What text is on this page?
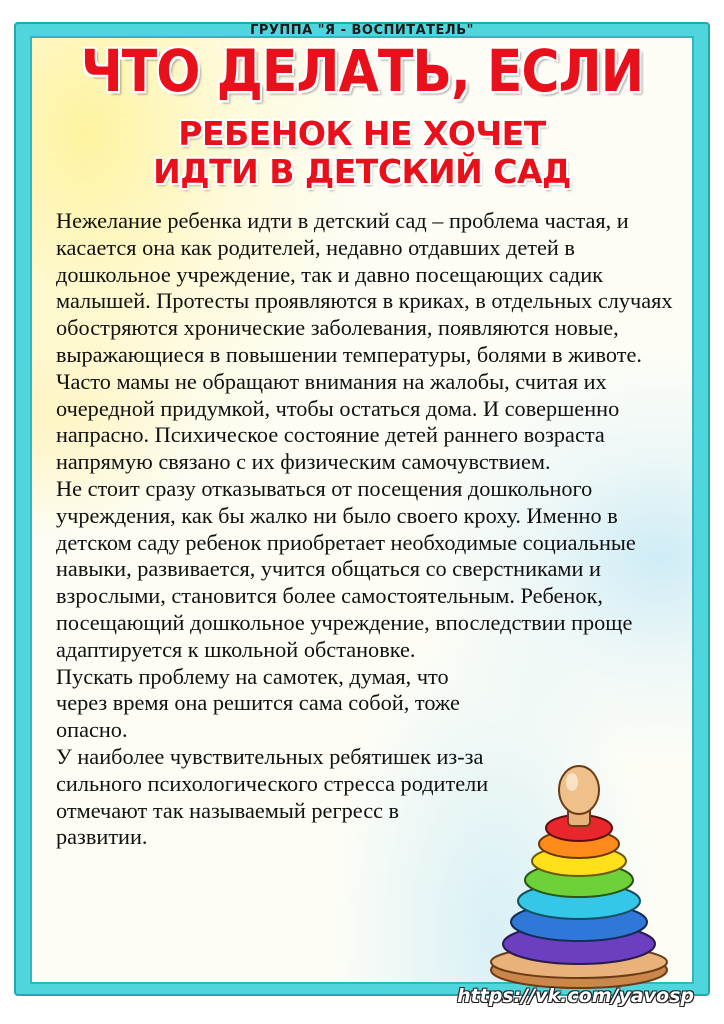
ГРУППА "Я - ВОСПИТАТЕЛЬ"
ЧТО ДЕЛАТЬ, ЕСЛИ
РЕБЕНОК НЕ ХОЧЕТ
ИДТИ В ДЕТСКИЙ САД

Нежелание ребенка идти в детский сад – проблема частая, и касается она как родителей, недавно отдавших детей в дошкольное учреждение, так и давно посещающих садик малышей. Протесты проявляются в криках, в отдельных случаях обостряются хронические заболевания, появляются новые, выражающиеся в повышении температуры, болями в животе. Часто мамы не обращают внимания на жалобы, считая их очередной придумкой, чтобы остаться дома. И совершенно напрасно. Психическое состояние детей раннего возраста напрямую связано с их физическим самочувствием.

Не стоит сразу отказываться от посещения дошкольного учреждения, как бы жалко ни было своего кроху. Именно в детском саду ребенок приобретает необходимые социальные навыки, развивается, учится общаться со сверстниками и взрослыми, становится более самостоятельным. Ребенок, посещающий дошкольное учреждение, впоследствии проще адаптируется к школьной обстановке.

Пускать проблему на самотек, думая, что через время она решится сама собой, тоже опасно.

У наиболее чувствительных ребятишек из-за сильного психологического стресса родители отмечают так называемый регресс в развитии.

https://vk.com/yavosp
